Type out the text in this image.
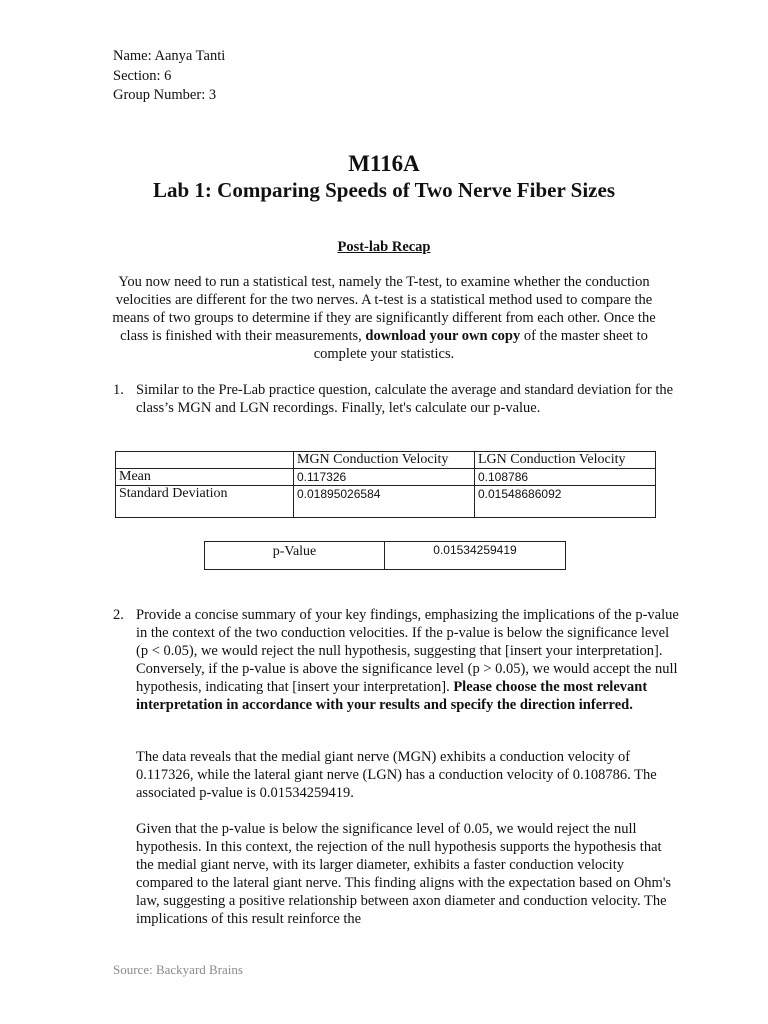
Name: Aanya Tanti
Section: 6
Group Number: 3
M116A
Lab 1: Comparing Speeds of Two Nerve Fiber Sizes
Post-lab Recap
You now need to run a statistical test, namely the T-test, to examine whether the conduction velocities are different for the two nerves. A t-test is a statistical method used to compare the means of two groups to determine if they are significantly different from each other. Once the class is finished with their measurements, download your own copy of the master sheet to complete your statistics.
1. Similar to the Pre-Lab practice question, calculate the average and standard deviation for the class’s MGN and LGN recordings. Finally, let's calculate our p-value.
	MGN Conduction Velocity	LGN Conduction Velocity
Mean	0.117326	0.108786
Standard Deviation	0.01895026584	0.01548686092
p-Value	0.01534259419
2. Provide a concise summary of your key findings, emphasizing the implications of the p-value in the context of the two conduction velocities. If the p-value is below the significance level (p < 0.05), we would reject the null hypothesis, suggesting that [insert your interpretation]. Conversely, if the p-value is above the significance level (p > 0.05), we would accept the null hypothesis, indicating that [insert your interpretation]. Please choose the most relevant interpretation in accordance with your results and specify the direction inferred.
The data reveals that the medial giant nerve (MGN) exhibits a conduction velocity of 0.117326, while the lateral giant nerve (LGN) has a conduction velocity of 0.108786. The associated p-value is 0.01534259419.
Given that the p-value is below the significance level of 0.05, we would reject the null hypothesis. In this context, the rejection of the null hypothesis supports the hypothesis that the medial giant nerve, with its larger diameter, exhibits a faster conduction velocity compared to the lateral giant nerve. This finding aligns with the expectation based on Ohm's law, suggesting a positive relationship between axon diameter and conduction velocity. The implications of this result reinforce the
Source: Backyard Brains
